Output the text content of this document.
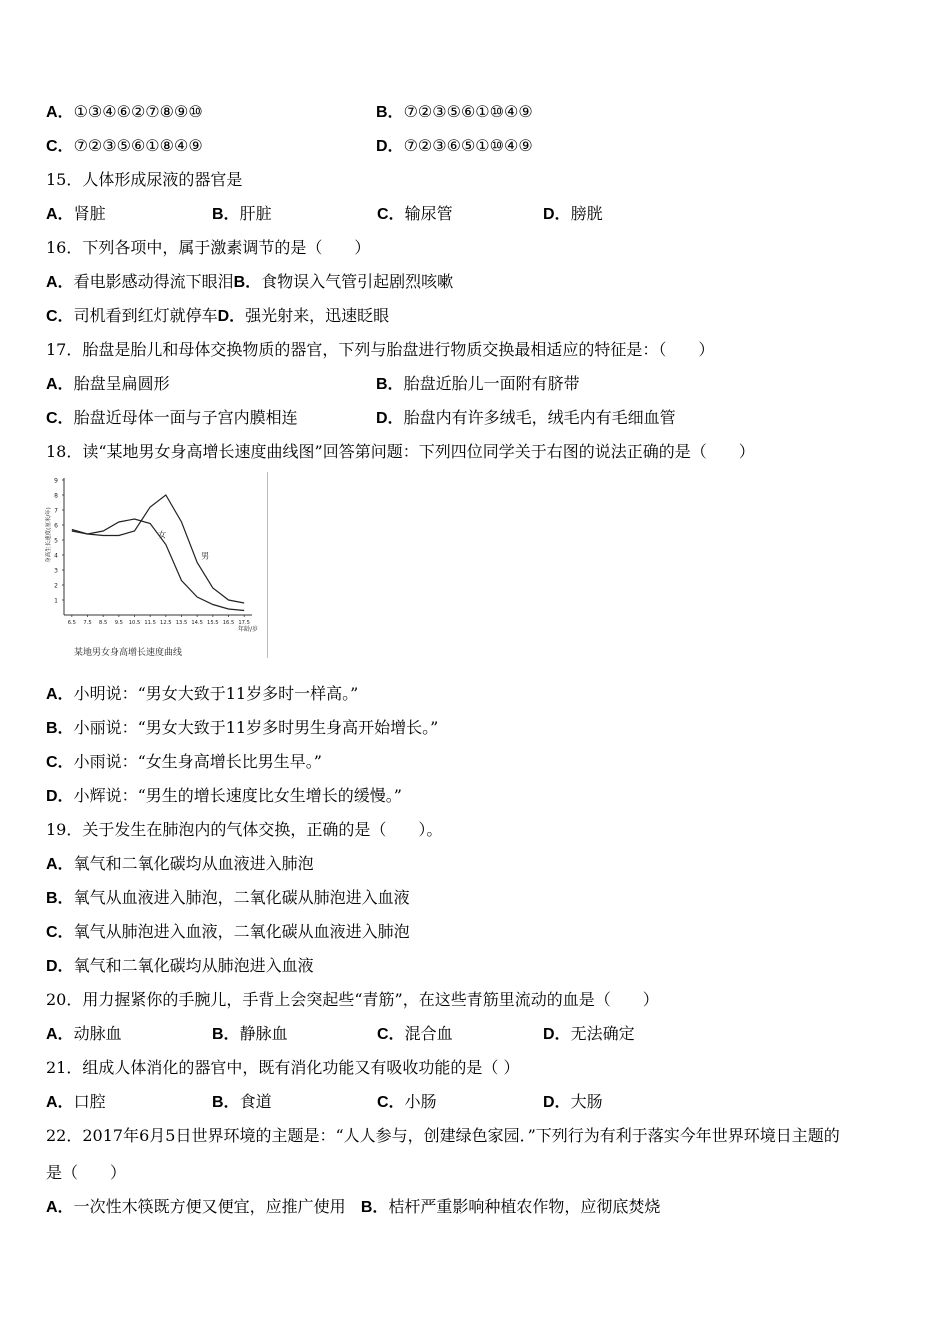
A．①③④⑥②⑦⑧⑨⑩	B．⑦②③⑤⑥①⑩④⑨
C．⑦②③⑤⑥①⑧④⑨	D．⑦②③⑥⑤①⑩④⑨
15．人体形成尿液的器官是
A．肾脏	B．肝脏	C．输尿管	D．膀胱
16．下列各项中，属于激素调节的是（　　）
A．看电影感动得流下眼泪B．食物误入气管引起剧烈咳嗽
C．司机看到红灯就停车D．强光射来，迅速眨眼
17．胎盘是胎儿和母体交换物质的器官，下列与胎盘进行物质交换最相适应的特征是：（　　）
A．胎盘呈扁圆形	B．胎盘近胎儿一面附有脐带
C．胎盘近母体一面与子宫内膜相连	D．胎盘内有许多绒毛，绒毛内有毛细血管
18．读“某地男女身高增长速度曲线图”回答第问题：下列四位同学关于右图的说法正确的是（　　）
1
2
3
4
5
6
7
8
9
6.5 7.5 8.5 9.5 10.5 11.5 12.5 13.5 14.5 15.5 16.5 17.5
年龄/岁
身高生长速度(厘米/年)	男
女
某地男女身高增长速度曲线
A．小明说：“男女大致于11岁多时一样高。”
B．小丽说：“男女大致于11岁多时男生身高开始增长。”
C．小雨说：“女生身高增长比男生早。”
D．小辉说：“男生的增长速度比女生增长的缓慢。”
19．关于发生在肺泡内的气体交换，正确的是（　　）。
A．氧气和二氧化碳均从血液进入肺泡
B．氧气从血液进入肺泡，二氧化碳从肺泡进入血液
C．氧气从肺泡进入血液，二氧化碳从血液进入肺泡
D．氧气和二氧化碳均从肺泡进入血液
20．用力握紧你的手腕儿，手背上会突起些“青筋”，在这些青筋里流动的血是（　　）
A．动脉血	B．静脉血	C．混合血	D．无法确定
21．组成人体消化的器官中，既有消化功能又有吸收功能的是（ ）
A．口腔	B．食道	C．小肠	D．大肠
22．2017年6月5日世界环境的主题是：“人人参与，创建绿色家园．”下列行为有利于落实今年世界环境日主题的
是（　　）
A．一次性木筷既方便又便宜，应推广使用 B．桔杆严重影响种植农作物，应彻底焚烧
